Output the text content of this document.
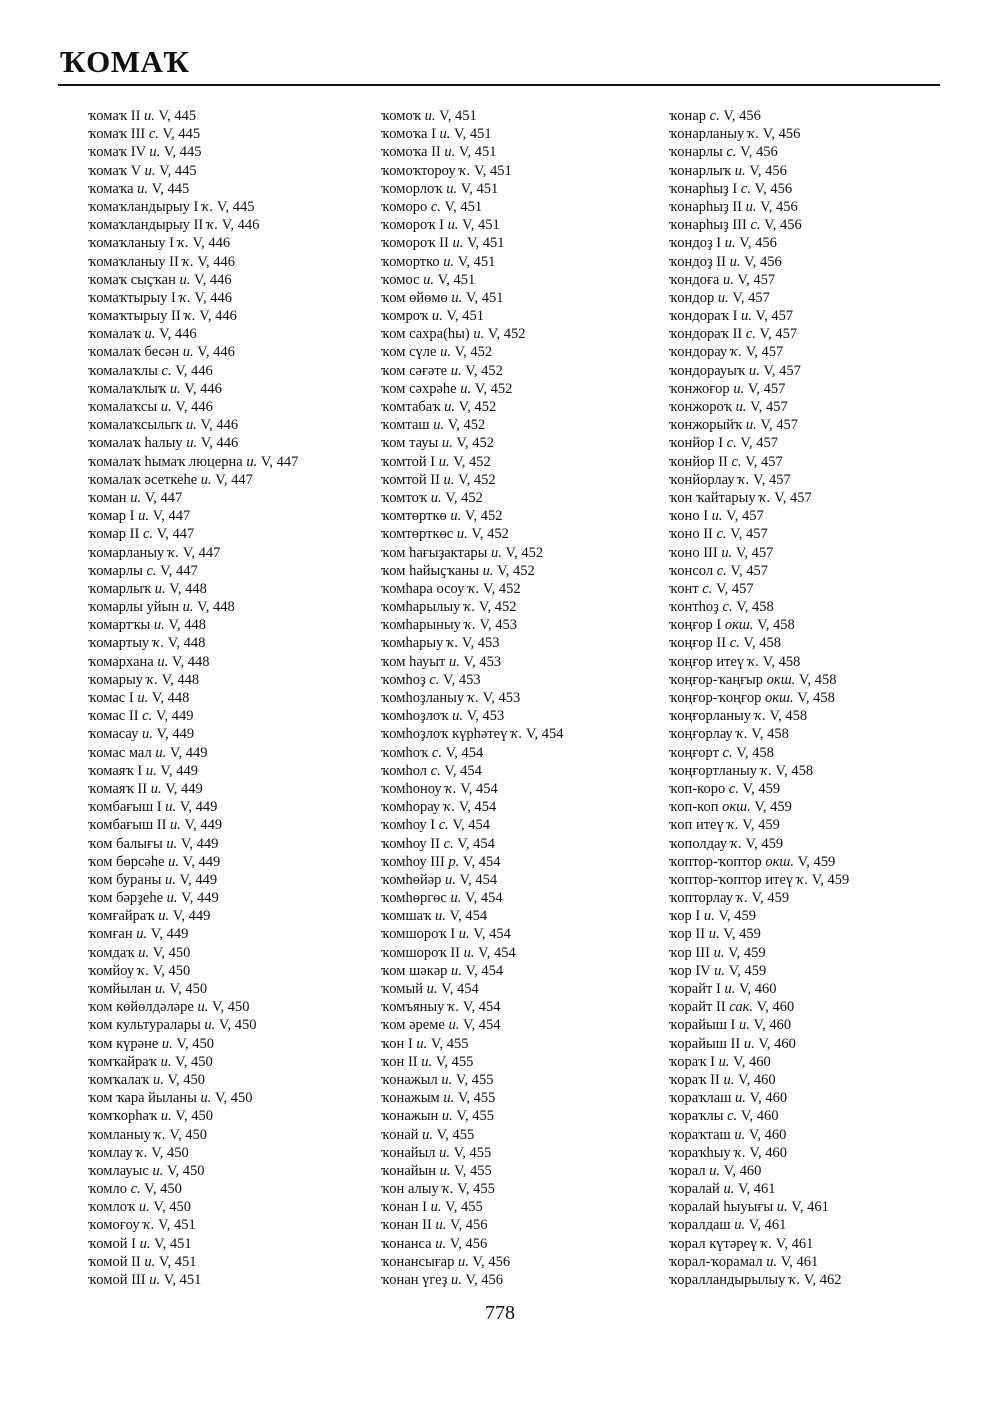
ҠОМАҠ
ҡомаҡ II и. V, 445
ҡомаҡ III с. V, 445
ҡомаҡ IV и. V, 445
ҡомаҡ V и. V, 445
ҡомаҡа и. V, 445
ҡомаҡландырыу I ҡ. V, 445
ҡомаҡландырыу II ҡ. V, 446
ҡомаҡланыу I ҡ. V, 446
ҡомаҡланыу II ҡ. V, 446
ҡомаҡ сыҫҡан и. V, 446
ҡомаҡтырыу I ҡ. V, 446
ҡомаҡтырыу II ҡ. V, 446
ҡомалаҡ и. V, 446
ҡомалаҡ бесән и. V, 446
ҡомалаҡлы с. V, 446
ҡомалаҡлыҡ и. V, 446
ҡомалаҡсы и. V, 446
ҡомалаҡсылыҡ и. V, 446
ҡомалаҡ һалыу и. V, 446
ҡомалаҡ һымаҡ люцерна и. V, 447
ҡомалаҡ әсеткеһе и. V, 447
ҡоман и. V, 447
ҡомар I и. V, 447
ҡомар II с. V, 447
ҡомарланыу ҡ. V, 447
ҡомарлы с. V, 447
ҡомарлыҡ и. V, 448
ҡомарлы уйын и. V, 448
ҡомартҡы и. V, 448
ҡомартыу ҡ. V, 448
ҡомархана и. V, 448
ҡомарыу ҡ. V, 448
ҡомас I и. V, 448
ҡомас II с. V, 449
ҡомасау и. V, 449
ҡомас мал и. V, 449
ҡомаяҡ I и. V, 449
ҡомаяҡ II и. V, 449
ҡомбағыш I и. V, 449
ҡомбағыш II и. V, 449
ҡом балығы и. V, 449
ҡом бөрсәһе и. V, 449
ҡом бураны и. V, 449
ҡом бәрҙеһе и. V, 449
ҡомғайраҡ и. V, 449
ҡомған и. V, 449
ҡомдаҡ и. V, 450
ҡомйоу ҡ. V, 450
ҡомйылан и. V, 450
ҡом көйөлдәләре и. V, 450
ҡом культуралары и. V, 450
ҡом күрәне и. V, 450
ҡомҡайраҡ и. V, 450
ҡомҡалаҡ и. V, 450
ҡом ҡара йыланы и. V, 450
ҡомҡорһаҡ и. V, 450
ҡомланыу ҡ. V, 450
ҡомлау ҡ. V, 450
ҡомлауыс и. V, 450
ҡомло с. V, 450
ҡомлоҡ и. V, 450
ҡомоғоу ҡ. V, 451
ҡомой I и. V, 451
ҡомой II и. V, 451
ҡомой III и. V, 451
ҡомоҡ и. V, 451
ҡомоҡа I и. V, 451
ҡомоҡа II и. V, 451
ҡомоҡтороу ҡ. V, 451
ҡоморлоҡ и. V, 451
ҡоморо с. V, 451
ҡомороҡ I и. V, 451
ҡомороҡ II и. V, 451
ҡомортко и. V, 451
ҡомос и. V, 451
ҡом өйөмө и. V, 451
ҡомроҡ и. V, 451
ҡом сахра(һы) и. V, 452
ҡом сүле и. V, 452
ҡом сәғәте и. V, 452
ҡом сәхрәһе и. V, 452
ҡомтабаҡ и. V, 452
ҡомташ и. V, 452
ҡом тауы и. V, 452
ҡомтой I и. V, 452
ҡомтой II и. V, 452
ҡомтоҡ и. V, 452
ҡомтөрткө и. V, 452
ҡомтөрткөс и. V, 452
ҡом һағыҙактары и. V, 452
ҡом һайыҫҡаны и. V, 452
ҡомһара осоу ҡ. V, 452
ҡомһарылыу ҡ. V, 452
ҡомһарыныу ҡ. V, 453
ҡомһарыу ҡ. V, 453
ҡом һауыт и. V, 453
ҡомһоҙ с. V, 453
ҡомһоҙланыу ҡ. V, 453
ҡомһоҙлоҡ и. V, 453
ҡомһоҙлоҡ күрһәтеү ҡ. V, 454
ҡомһоҡ с. V, 454
ҡомһол с. V, 454
ҡомһоноу ҡ. V, 454
ҡомһорау ҡ. V, 454
ҡомһоу I с. V, 454
ҡомһоу II с. V, 454
ҡомһоу III р. V, 454
ҡомһөйәр и. V, 454
ҡомһөргөс и. V, 454
ҡомшаҡ и. V, 454
ҡомшороҡ I и. V, 454
ҡомшороҡ II и. V, 454
ҡом шәкәр и. V, 454
ҡомый и. V, 454
ҡомъяныу ҡ. V, 454
ҡом әреме и. V, 454
ҡон I и. V, 455
ҡон II и. V, 455
ҡонажыл и. V, 455
ҡонажым и. V, 455
ҡонажын и. V, 455
ҡонай и. V, 455
ҡонайыл и. V, 455
ҡонайын и. V, 455
ҡон алыу ҡ. V, 455
ҡонан I и. V, 455
ҡонан II и. V, 456
ҡонанса и. V, 456
ҡонансығар и. V, 456
ҡонан үгеҙ и. V, 456
ҡонар с. V, 456
ҡонарланыу ҡ. V, 456
ҡонарлы с. V, 456
ҡонарлыҡ и. V, 456
ҡонарһыҙ I с. V, 456
ҡонарһыҙ II и. V, 456
ҡонарһыҙ III с. V, 456
ҡондоҙ I и. V, 456
ҡондоҙ II и. V, 456
ҡондоға и. V, 457
ҡондор и. V, 457
ҡондораҡ I и. V, 457
ҡондораҡ II с. V, 457
ҡондорау ҡ. V, 457
ҡондорауыҡ и. V, 457
ҡонжоғор и. V, 457
ҡонжороҡ и. V, 457
ҡонжорыйҡ и. V, 457
ҡонйор I с. V, 457
ҡонйор II с. V, 457
ҡонйорлау ҡ. V, 457
ҡон ҡайтарыу ҡ. V, 457
ҡоно I и. V, 457
ҡоно II с. V, 457
ҡоно III и. V, 457
ҡонсол с. V, 457
ҡонт с. V, 457
ҡонтһоҙ с. V, 458
ҡоңғор I окш. V, 458
ҡоңғор II с. V, 458
ҡоңғор итеү ҡ. V, 458
ҡоңғор-ҡаңғыр окш. V, 458
ҡоңғор-ҡоңғор окш. V, 458
ҡоңғорланыу ҡ. V, 458
ҡоңғорлау ҡ. V, 458
ҡоңғорт с. V, 458
ҡоңғортланыу ҡ. V, 458
ҡоп-коро с. V, 459
ҡоп-коп окш. V, 459
ҡоп итеү ҡ. V, 459
ҡополдау ҡ. V, 459
ҡоптор-ҡоптор окш. V, 459
ҡоптор-ҡоптор итеү ҡ. V, 459
ҡопторлау ҡ. V, 459
ҡор I и. V, 459
ҡор II и. V, 459
ҡор III и. V, 459
ҡор IV и. V, 459
ҡорайт I и. V, 460
ҡорайт II сак. V, 460
ҡорайыш I и. V, 460
ҡорайыш II и. V, 460
ҡораҡ I и. V, 460
ҡораҡ II и. V, 460
ҡораҡлаш и. V, 460
ҡораҡлы с. V, 460
ҡораҡташ и. V, 460
ҡораҡһыу ҡ. V, 460
ҡорал и. V, 460
ҡоралай и. V, 461
ҡоралай һыуығы и. V, 461
ҡоралдаш и. V, 461
ҡорал күтәреү ҡ. V, 461
ҡорал-ҡорамал и. V, 461
ҡоралландырылыу ҡ. V, 462
778
